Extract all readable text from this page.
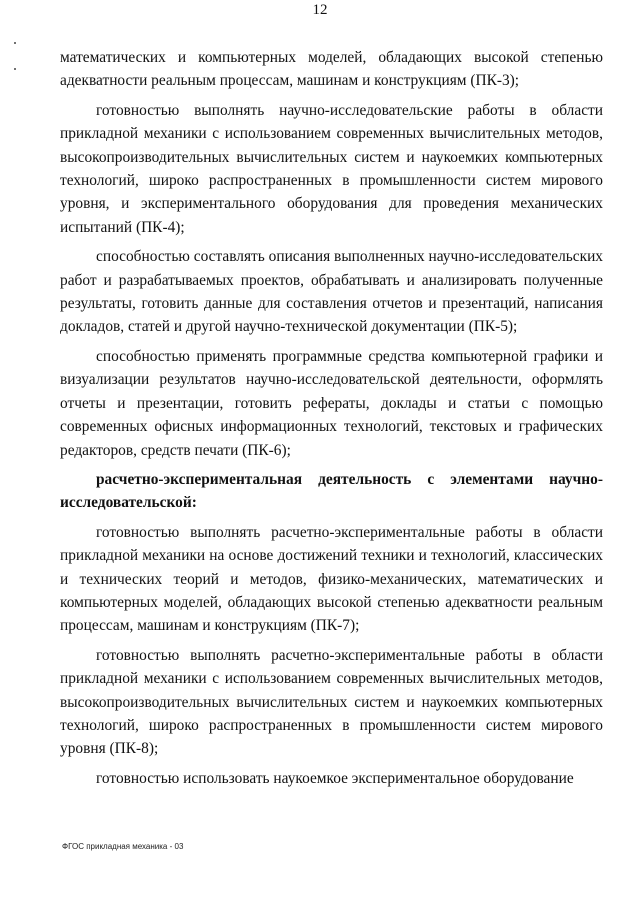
12

математических и компьютерных моделей, обладающих высокой степенью адекватности реальным процессам, машинам и конструкциям (ПК-3);

готовностью выполнять научно-исследовательские работы в области прикладной механики с использованием современных вычислительных методов, высокопроизводительных вычислительных систем и наукоемких компьютерных технологий, широко распространенных в промышленности систем мирового уровня, и экспериментального оборудования для проведения механических испытаний (ПК-4);

способностью составлять описания выполненных научно-исследовательских работ и разрабатываемых проектов, обрабатывать и анализировать полученные результаты, готовить данные для составления отчетов и презентаций, написания докладов, статей и другой научно-технической документации (ПК-5);

способностью применять программные средства компьютерной графики и визуализации результатов научно-исследовательской деятельности, оформлять отчеты и презентации, готовить рефераты, доклады и статьи с помощью современных офисных информационных технологий, текстовых и графических редакторов, средств печати (ПК-6);

расчетно-экспериментальная деятельность с элементами научно-исследовательской:

готовностью выполнять расчетно-экспериментальные работы в области прикладной механики на основе достижений техники и технологий, классических и технических теорий и методов, физико-механических, математических и компьютерных моделей, обладающих высокой степенью адекватности реальным процессам, машинам и конструкциям (ПК-7);

готовностью выполнять расчетно-экспериментальные работы в области прикладной механики с использованием современных вычислительных методов, высокопроизводительных вычислительных систем и наукоемких компьютерных технологий, широко распространенных в промышленности систем мирового уровня (ПК-8);

готовностью использовать наукоемкое экспериментальное оборудование

ФГОС прикладная механика - 03
